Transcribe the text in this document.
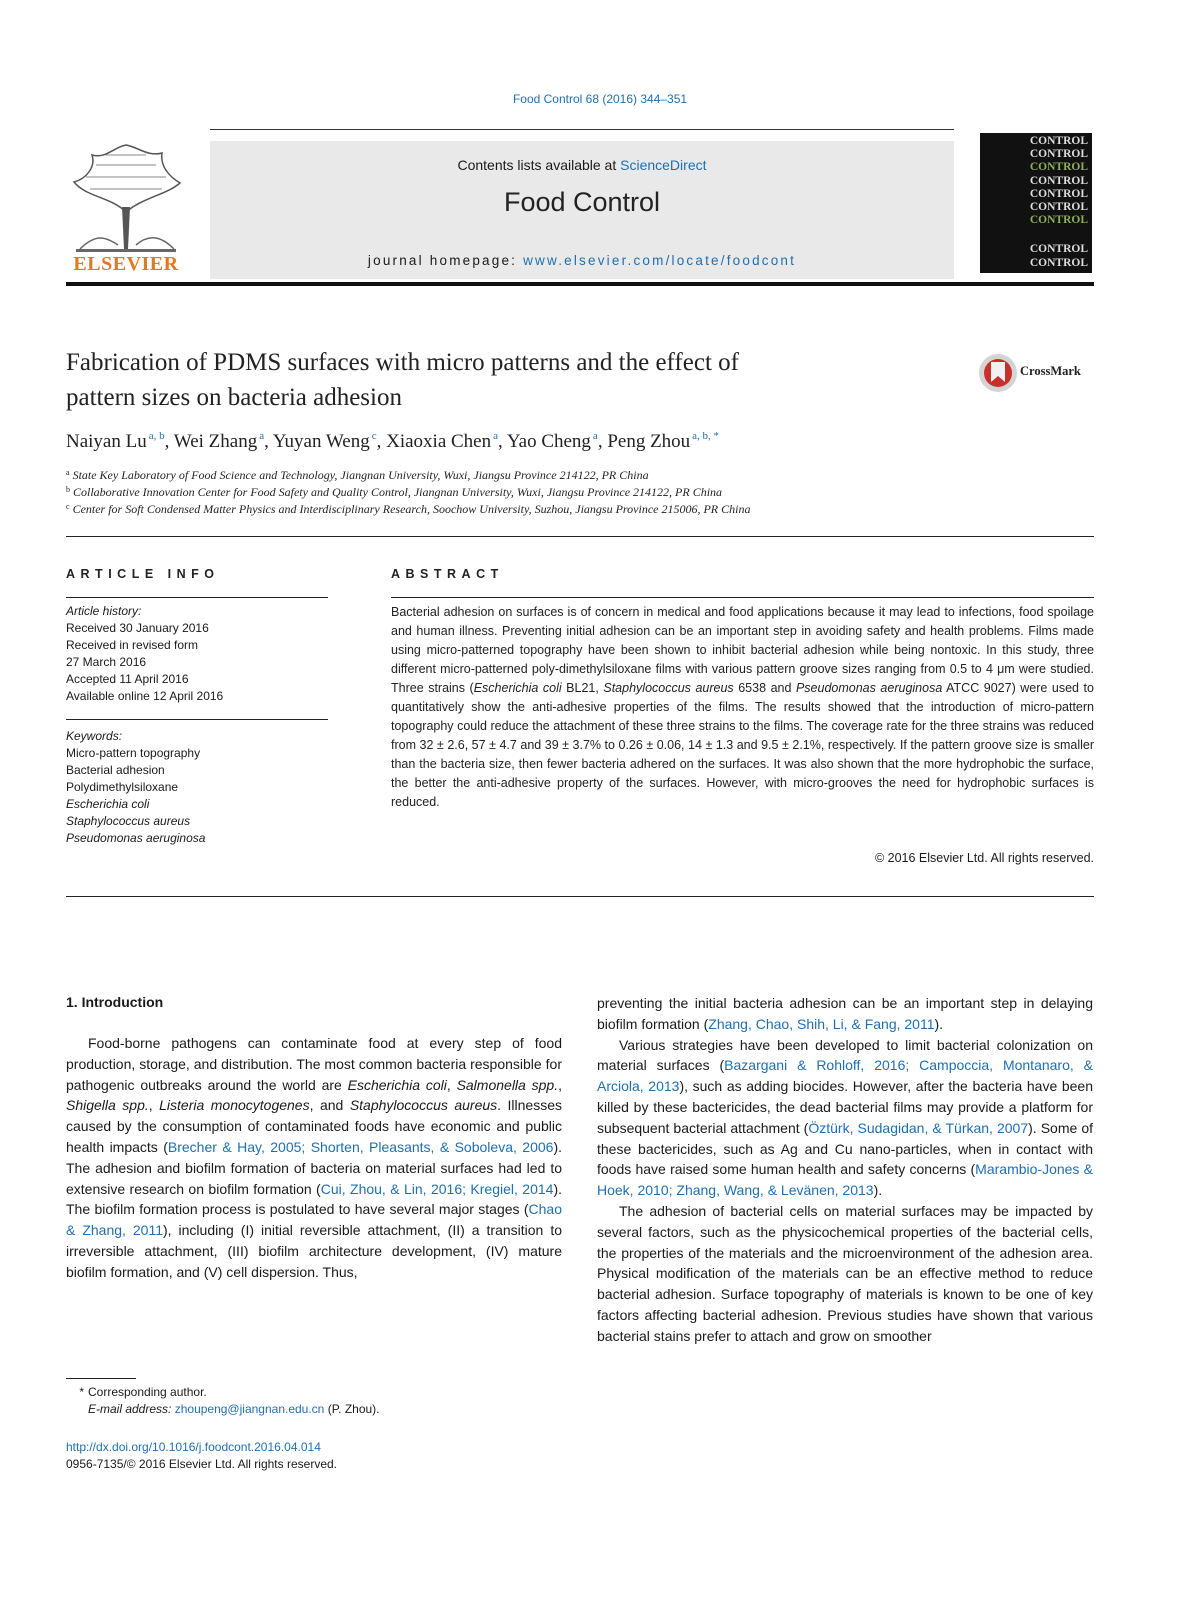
Food Control 68 (2016) 344–351
ELSEVIER
Contents lists available at ScienceDirect
Food Control
journal homepage: www.elsevier.com/locate/foodcont
CONTROL
CONTROL
CONTROL
CONTROL
CONTROL
CONTROL
CONTROL
CONTROL
CONTROL
Fabrication of PDMS surfaces with micro patterns and the effect of
pattern sizes on bacteria adhesion
CrossMark
Naiyan Lu $^{a, b}$, Wei Zhang $^a$, Yuyan Weng $^c$, Xiaoxia Chen $^a$, Yao Cheng $^a$, Peng Zhou $^{a, b, *}$
$^a$ State Key Laboratory of Food Science and Technology, Jiangnan University, Wuxi, Jiangsu Province 214122, PR China
$^b$ Collaborative Innovation Center for Food Safety and Quality Control, Jiangnan University, Wuxi, Jiangsu Province 214122, PR China
$^c$ Center for Soft Condensed Matter Physics and Interdisciplinary Research, Soochow University, Suzhou, Jiangsu Province 215006, PR China
ARTICLE INFO
Article history:
Received 30 January 2016
Received in revised form
27 March 2016
Accepted 11 April 2016
Available online 12 April 2016
Keywords:
Micro-pattern topography
Bacterial adhesion
Polydimethylsiloxane
Escherichia coli
Staphylococcus aureus
Pseudomonas aeruginosa
ABSTRACT
Bacterial adhesion on surfaces is of concern in medical and food applications because it may lead to infections, food spoilage and human illness. Preventing initial adhesion can be an important step in avoiding safety and health problems. Films made using micro-patterned topography have been shown to inhibit bacterial adhesion while being nontoxic. In this study, three different micro-patterned poly-dimethylsiloxane films with various pattern groove sizes ranging from 0.5 to 4 μm were studied. Three strains (Escherichia coli BL21, Staphylococcus aureus 6538 and Pseudomonas aeruginosa ATCC 9027) were used to quantitatively show the anti-adhesive properties of the films. The results showed that the introduction of micro-pattern topography could reduce the attachment of these three strains to the films. The coverage rate for the three strains was reduced from 32 ± 2.6, 57 ± 4.7 and 39 ± 3.7% to 0.26 ± 0.06, 14 ± 1.3 and 9.5 ± 2.1%, respectively. If the pattern groove size is smaller than the bacteria size, then fewer bacteria adhered on the surfaces. It was also shown that the more hydrophobic the surface, the better the anti-adhesive property of the surfaces. However, with micro-grooves the need for hydrophobic surfaces is reduced.
© 2016 Elsevier Ltd. All rights reserved.
1. Introduction

Food-borne pathogens can contaminate food at every step of food production, storage, and distribution. The most common bacteria responsible for pathogenic outbreaks around the world are Escherichia coli, Salmonella spp., Shigella spp., Listeria monocytogenes, and Staphylococcus aureus. Illnesses caused by the consumption of contaminated foods have economic and public health impacts (Brecher & Hay, 2005; Shorten, Pleasants, & Soboleva, 2006). The adhesion and biofilm formation of bacteria on material surfaces had led to extensive research on biofilm formation (Cui, Zhou, & Lin, 2016; Kregiel, 2014). The biofilm formation process is postulated to have several major stages (Chao & Zhang, 2011), including (I) initial reversible attachment, (II) a transition to irreversible attachment, (III) biofilm architecture development, (IV) mature biofilm formation, and (V) cell dispersion. Thus,

preventing the initial bacteria adhesion can be an important step in delaying biofilm formation (Zhang, Chao, Shih, Li, & Fang, 2011).

Various strategies have been developed to limit bacterial colonization on material surfaces (Bazargani & Rohloff, 2016; Campoccia, Montanaro, & Arciola, 2013), such as adding biocides. However, after the bacteria have been killed by these bactericides, the dead bacterial films may provide a platform for subsequent bacterial attachment (Öztürk, Sudagidan, & Türkan, 2007). Some of these bactericides, such as Ag and Cu nano-particles, when in contact with foods have raised some human health and safety concerns (Marambio-Jones & Hoek, 2010; Zhang, Wang, & Levänen, 2013).

The adhesion of bacterial cells on material surfaces may be impacted by several factors, such as the physicochemical properties of the bacterial cells, the properties of the materials and the microenvironment of the adhesion area. Physical modification of the materials can be an effective method to reduce bacterial adhesion. Surface topography of materials is known to be one of key factors affecting bacterial adhesion. Previous studies have shown that various bacterial stains prefer to attach and grow on smoother

* Corresponding author.
E-mail address: zhoupeng@jiangnan.edu.cn (P. Zhou).
http://dx.doi.org/10.1016/j.foodcont.2016.04.014
0956-7135/© 2016 Elsevier Ltd. All rights reserved.
